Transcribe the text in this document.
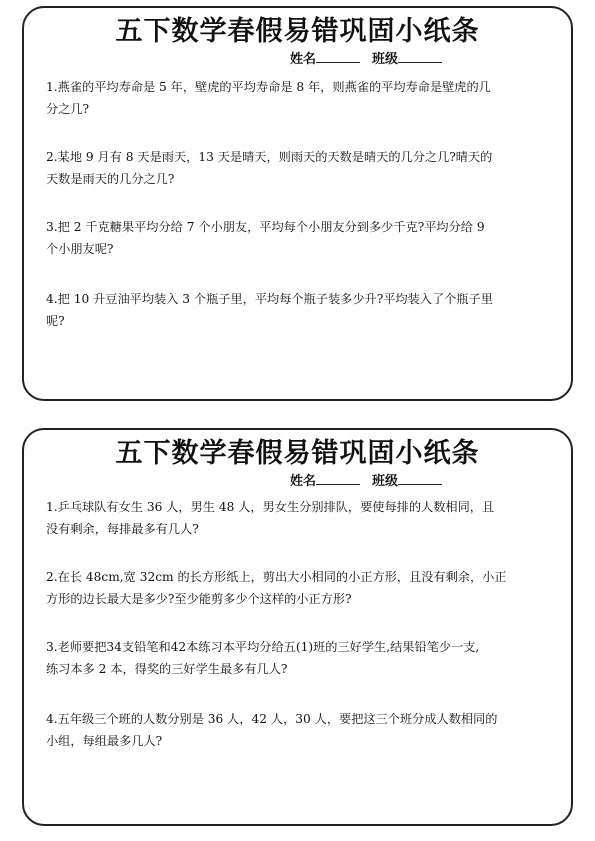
五下数学春假易错巩固小纸条
姓名	班级
1.燕雀的平均寿命是 5 年，壁虎的平均寿命是 8 年，则燕雀的平均寿命是壁虎的几
分之几?
2.某地 9 月有 8 天是雨天，13 天是晴天，则雨天的天数是晴天的几分之几?晴天的
天数是雨天的几分之几?
3.把 2 千克糖果平均分给 7 个小朋友，平均每个小朋友分到多少千克?平均分给 9
个小朋友呢?
4.把 10 升豆油平均装入 3 个瓶子里，平均每个瓶子装多少升?平均装入了个瓶子里
呢?
五下数学春假易错巩固小纸条
姓名	班级
1.乒乓球队有女生 36 人，男生 48 人，男女生分别排队，要使每排的人数相同，且
没有剩余，每排最多有几人?
2.在长 48cm,宽 32cm 的长方形纸上，剪出大小相同的小正方形，且没有剩余，小正
方形的边长最大是多少?至少能剪多少个这样的小正方形?
3.老师要把34支铅笔和42本练习本平均分给五(1)班的三好学生,结果铅笔少一支,
练习本多 2 本，得奖的三好学生最多有几人?
4.五年级三个班的人数分别是 36 人，42 人，30 人，要把这三个班分成人数相同的
小组，每组最多几人?
